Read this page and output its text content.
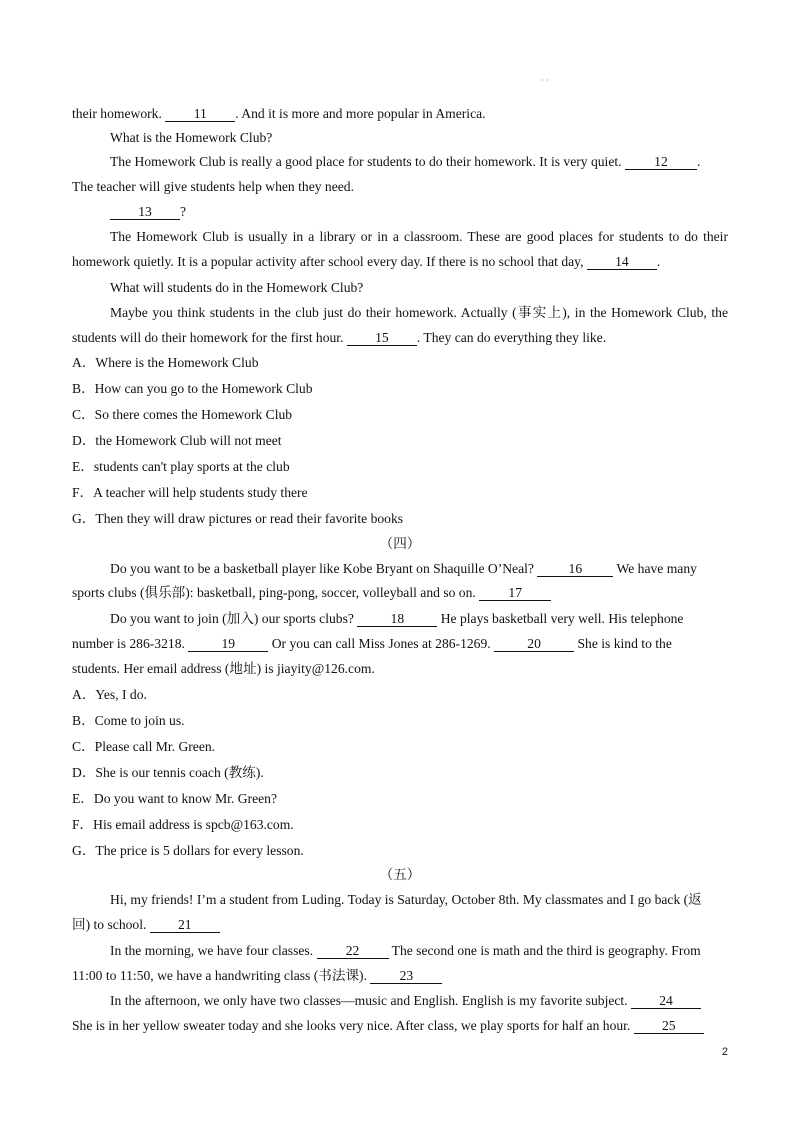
· ·
their homework. 11 . And it is more and more popular in America.
What is the Homework Club?
The Homework Club is really a good place for students to do their homework. It is very quiet. 12 .
The teacher will give students help when they need.
13 ?
The Homework Club is usually in a library or in a classroom. These are good places for students to do their
homework quietly. It is a popular activity after school every day. If there is no school that day, 14 .
What will students do in the Homework Club?
Maybe you think students in the club just do their homework. Actually (事实上), in the Homework Club, the
students will do their homework for the first hour. 15 . They can do everything they like.
A．Where is the Homework Club
B．How can you go to the Homework Club
C．So there comes the Homework Club
D．the Homework Club will not meet
E．students can't play sports at the club
F．A teacher will help students study there
G．Then they will draw pictures or read their favorite books
（四）
Do you want to be a basketball player like Kobe Bryant on Shaquille O’Neal? 16 We have many
sports clubs (俱乐部): basketball, ping-pong, soccer, volleyball and so on. 17
Do you want to join (加入) our sports clubs? 18 He plays basketball very well. His telephone
number is 286-3218. 19 Or you can call Miss Jones at 286-1269. 20 She is kind to the
students. Her email address (地址) is jiayity@126.com.
A．Yes, I do.
B．Come to join us.
C．Please call Mr. Green.
D．She is our tennis coach (教练).
E．Do you want to know Mr. Green?
F．His email address is spcb@163.com.
G．The price is 5 dollars for every lesson.
（五）
Hi, my friends! I’m a student from Luding. Today is Saturday, October 8th. My classmates and I go back (返
回) to school. 21
In the morning, we have four classes. 22 The second one is math and the third is geography. From
11:00 to 11:50, we have a handwriting class (书法课). 23
In the afternoon, we only have two classes—music and English. English is my favorite subject. 24
She is in her yellow sweater today and she looks very nice. After class, we play sports for half an hour. 25
2
